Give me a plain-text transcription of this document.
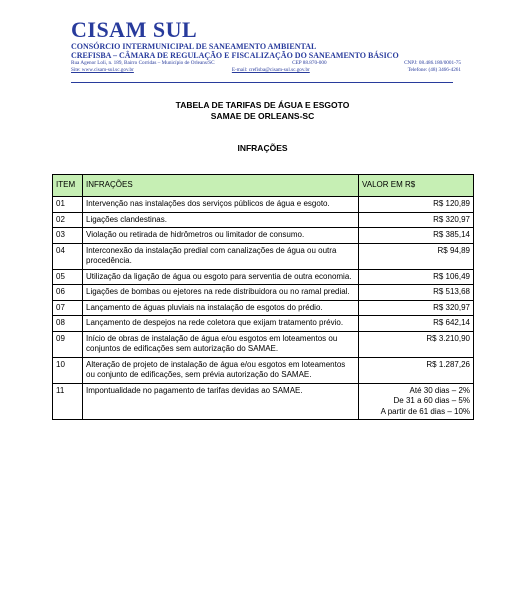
CISAM SUL
CONSÓRCIO INTERMUNICIPAL DE SANEAMENTO AMBIENTAL
CREFISBA – CÂMARA DE REGULAÇÃO E FISCALIZAÇÃO DO SANEAMENTO BÁSICO
Rua Agenor Loli, n. 189, Bairro Corridas – Município de Orleans/SC	CEP 88.870-000	CNPJ: 08.486.180/0001-75
Site: www.cisam-sul.sc.gov.br	E-mail: crefisba@cisam-sul.sc.gov.br	Telefone: (48) 3466-4261
TABELA DE TARIFAS DE ÁGUA E ESGOTO
SAMAE DE ORLEANS-SC
INFRAÇÕES
ITEM	INFRAÇÕES	VALOR EM R$
01	Intervenção nas instalações dos serviços públicos de água e esgoto.	R$ 120,89
02	Ligações clandestinas.	R$ 320,97
03	Violação ou retirada de hidrômetros ou limitador de consumo.	R$ 385,14
04	Interconexão da instalação predial com canalizações de água ou outra procedência.	R$ 94,89
05	Utilização da ligação de água ou esgoto para serventia de outra economia.	R$ 106,49
06	Ligações de bombas ou ejetores na rede distribuidora ou no ramal predial.	R$ 513,68
07	Lançamento de águas pluviais na instalação de esgotos do prédio.	R$ 320,97
08	Lançamento de despejos na rede coletora que exijam tratamento prévio.	R$ 642,14
09	Início de obras de instalação de água e/ou esgotos em loteamentos ou conjuntos de edificações sem autorização do SAMAE.	R$ 3.210,90
10	Alteração de projeto de instalação de água e/ou esgotos em loteamentos ou conjunto de edificações, sem prévia autorização do SAMAE.	R$ 1.287,26
11	Impontualidade no pagamento de tarifas devidas ao SAMAE.	Até 30 dias – 2%
De 31 a 60 dias – 5%
A partir de 61 dias – 10%
